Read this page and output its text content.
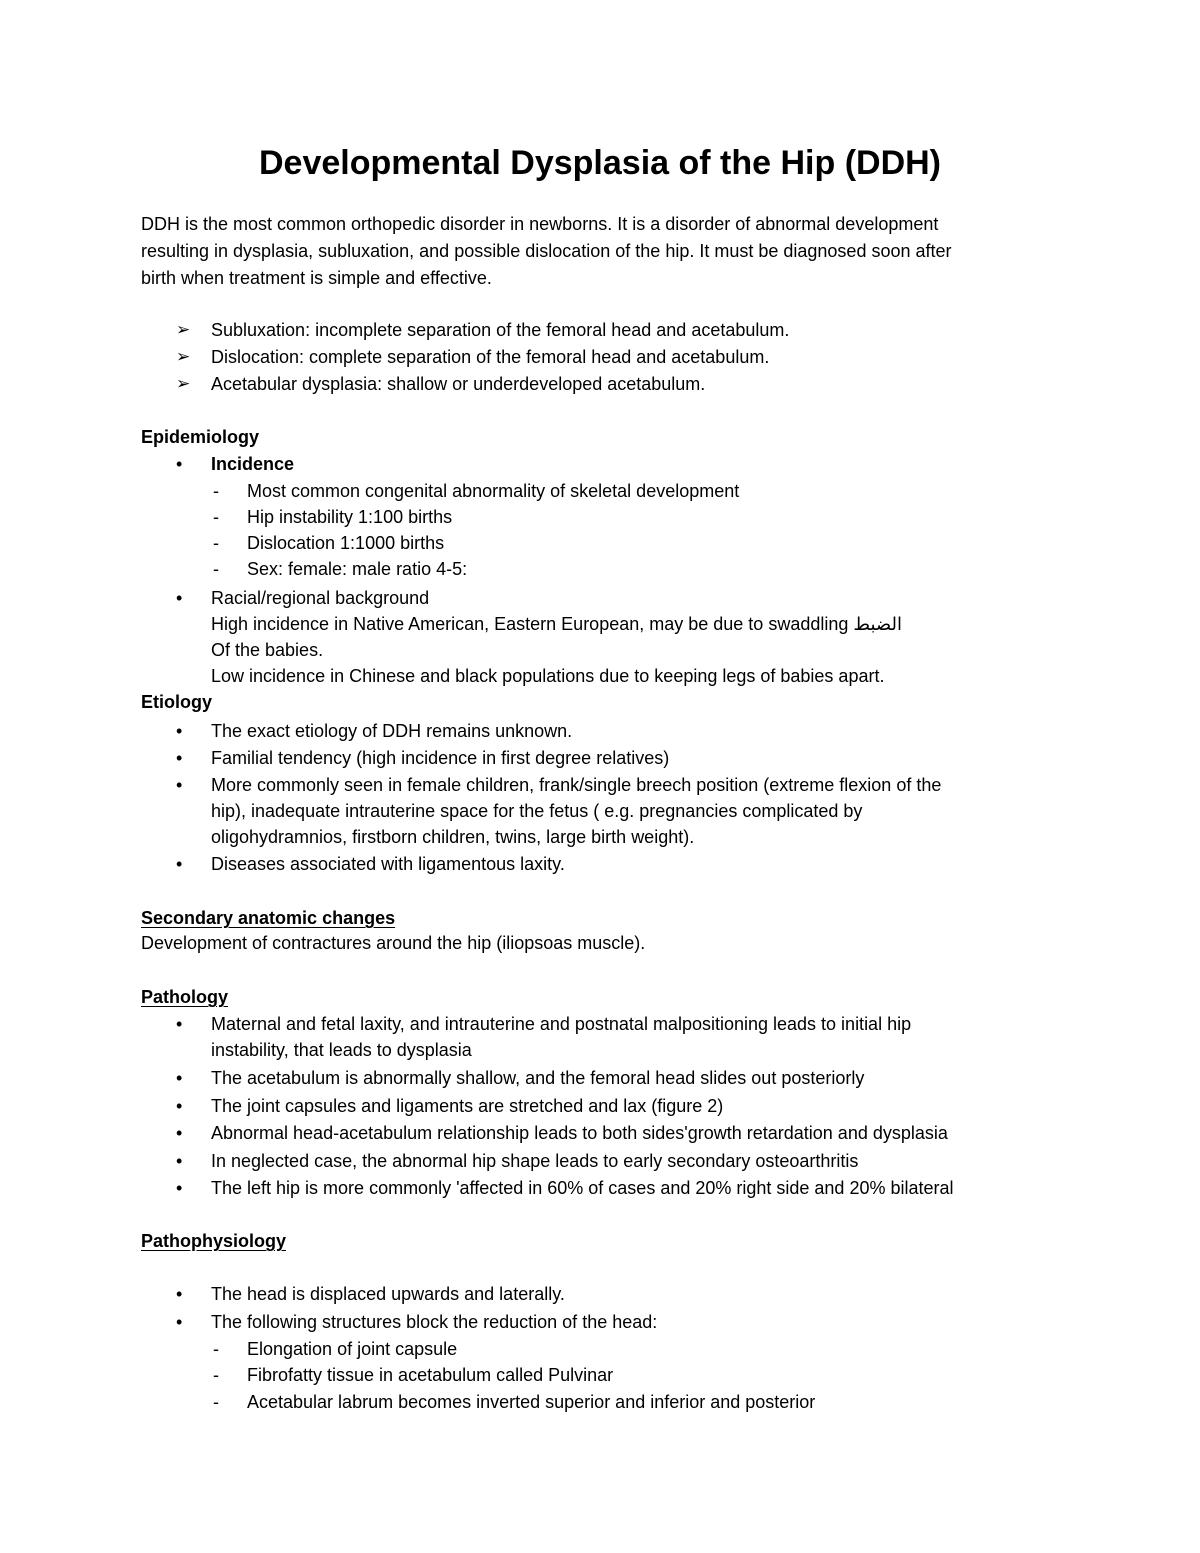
Developmental Dysplasia of the Hip (DDH)
DDH is the most common orthopedic disorder in newborns. It is a disorder of abnormal development
resulting in dysplasia, subluxation, and possible dislocation of the hip. It must be diagnosed soon after
birth when treatment is simple and effective.
➢ Subluxation: incomplete separation of the femoral head and acetabulum.
➢ Dislocation: complete separation of the femoral head and acetabulum.
➢ Acetabular dysplasia: shallow or underdeveloped acetabulum.
Epidemiology
• Incidence
- Most common congenital abnormality of skeletal development
- Hip instability 1:100 births
- Dislocation 1:1000 births
- Sex: female: male ratio 4-5:
• Racial/regional background
High incidence in Native American, Eastern European, may be due to swaddling الضبط
Of the babies.
Low incidence in Chinese and black populations due to keeping legs of babies apart.
Etiology
• The exact etiology of DDH remains unknown.
• Familial tendency (high incidence in first degree relatives)
• More commonly seen in female children, frank/single breech position (extreme flexion of the
hip), inadequate intrauterine space for the fetus ( e.g. pregnancies complicated by
oligohydramnios, firstborn children, twins, large birth weight).
• Diseases associated with ligamentous laxity.
Secondary anatomic changes
Development of contractures around the hip (iliopsoas muscle).
Pathology
• Maternal and fetal laxity, and intrauterine and postnatal malpositioning leads to initial hip
instability, that leads to dysplasia
• The acetabulum is abnormally shallow, and the femoral head slides out posteriorly
• The joint capsules and ligaments are stretched and lax (figure 2)
• Abnormal head-acetabulum relationship leads to both sides'growth retardation and dysplasia
• In neglected case, the abnormal hip shape leads to early secondary osteoarthritis
• The left hip is more commonly 'affected in 60% of cases and 20% right side and 20% bilateral
Pathophysiology
• The head is displaced upwards and laterally.
• The following structures block the reduction of the head:
- Elongation of joint capsule
- Fibrofatty tissue in acetabulum called Pulvinar
- Acetabular labrum becomes inverted superior and inferior and posterior
